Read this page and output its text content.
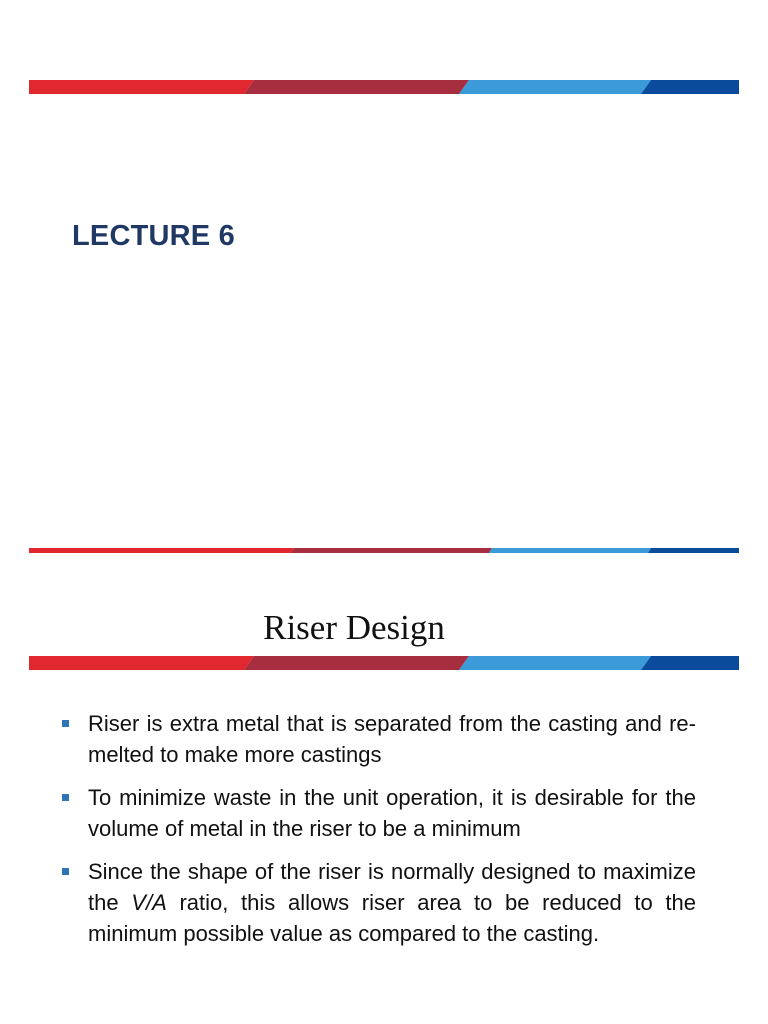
LECTURE 6
Riser Design
Riser is extra metal that is separated from the casting and re-melted to make more castings
To minimize waste in the unit operation, it is desirable for the volume of metal in the riser to be a minimum
Since the shape of the riser is normally designed to maximize the V/A ratio, this allows riser area to be reduced to the minimum possible value as compared to the casting.
